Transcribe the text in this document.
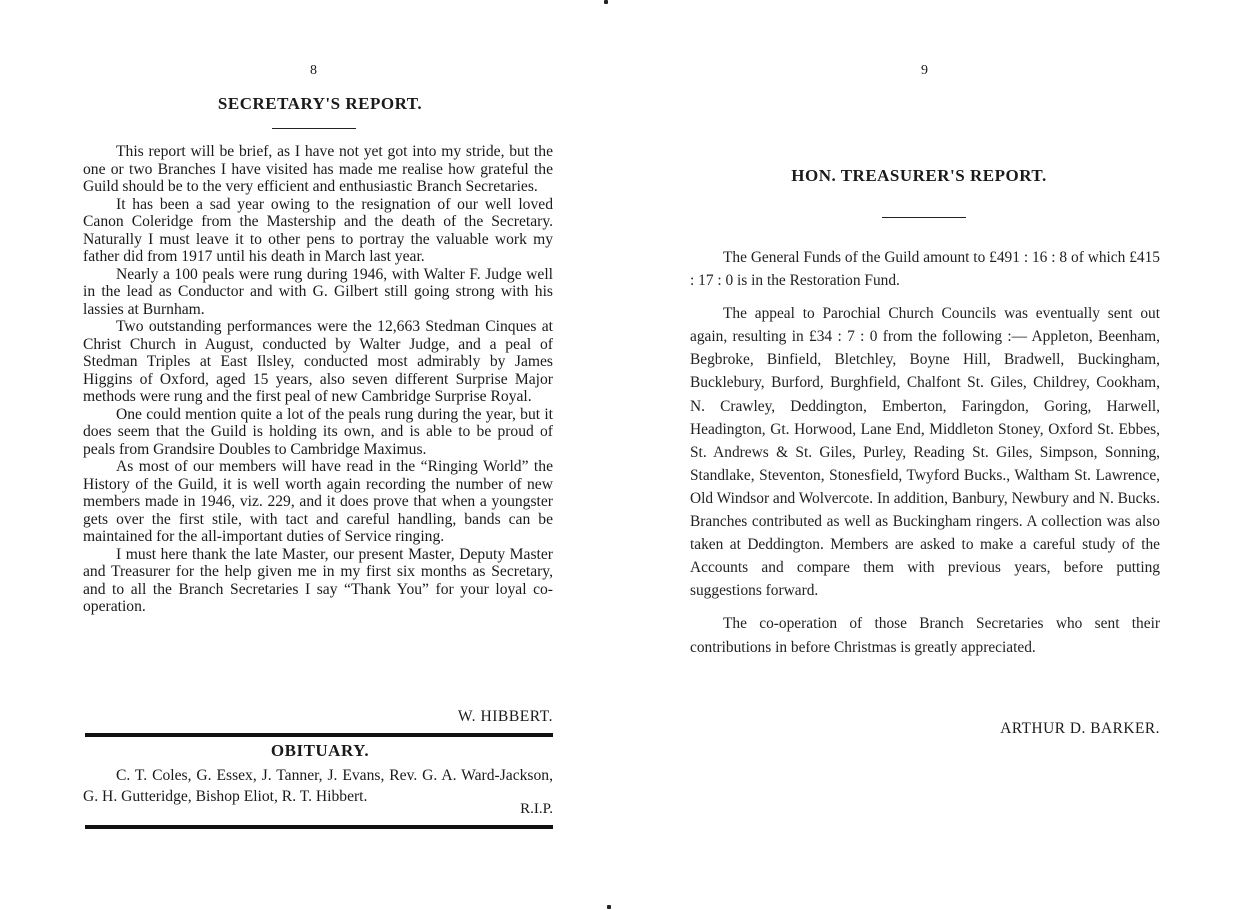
8
SECRETARY'S REPORT.

This report will be brief, as I have not yet got into my stride, but the one or two Branches I have visited has made me realise how grateful the Guild should be to the very efficient and enthusiastic Branch Secretaries.

It has been a sad year owing to the resignation of our well loved Canon Coleridge from the Mastership and the death of the Secretary. Naturally I must leave it to other pens to portray the valuable work my father did from 1917 until his death in March last year.

Nearly a 100 peals were rung during 1946, with Walter F. Judge well in the lead as Conductor and with G. Gilbert still going strong with his lassies at Burnham.

Two outstanding performances were the 12,663 Stedman Cinques at Christ Church in August, conducted by Walter Judge, and a peal of Stedman Triples at East Ilsley, conducted most admirably by James Higgins of Oxford, aged 15 years, also seven different Surprise Major methods were rung and the first peal of new Cambridge Surprise Royal.

One could mention quite a lot of the peals rung during the year, but it does seem that the Guild is holding its own, and is able to be proud of peals from Grandsire Doubles to Cambridge Maximus.

As most of our members will have read in the “Ringing World” the History of the Guild, it is well worth again recording the number of new members made in 1946, viz. 229, and it does prove that when a youngster gets over the first stile, with tact and careful handling, bands can be maintained for the all-important duties of Service ringing.

I must here thank the late Master, our present Master, Deputy Master and Treasurer for the help given me in my first six months as Secretary, and to all the Branch Secretaries I say “Thank You” for your loyal co-operation.

W. HIBBERT.
OBITUARY.

C. T. Coles, G. Essex, J. Tanner, J. Evans, Rev. G. A. Ward-Jackson, G. H. Gutteridge, Bishop Eliot, R. T. Hibbert.

R.I.P.
9
HON. TREASURER'S REPORT.

The General Funds of the Guild amount to £491 : 16 : 8 of which £415 : 17 : 0 is in the Restoration Fund.

The appeal to Parochial Church Councils was eventually sent out again, resulting in £34 : 7 : 0 from the following :— Appleton, Beenham, Begbroke, Binfield, Bletchley, Boyne Hill, Bradwell, Buckingham, Bucklebury, Burford, Burghfield, Chalfont St. Giles, Childrey, Cookham, N. Crawley, Deddington, Emberton, Faringdon, Goring, Harwell, Headington, Gt. Horwood, Lane End, Middleton Stoney, Oxford St. Ebbes, St. Andrews & St. Giles, Purley, Reading St. Giles, Simpson, Sonning, Standlake, Steventon, Stonesfield, Twyford Bucks., Waltham St. Lawrence, Old Windsor and Wolvercote. In addition, Banbury, Newbury and N. Bucks. Branches contributed as well as Buckingham ringers. A collection was also taken at Deddington. Members are asked to make a careful study of the Accounts and compare them with previous years, before putting suggestions forward.

The co-operation of those Branch Secretaries who sent their contributions in before Christmas is greatly appreciated.

ARTHUR D. BARKER.
